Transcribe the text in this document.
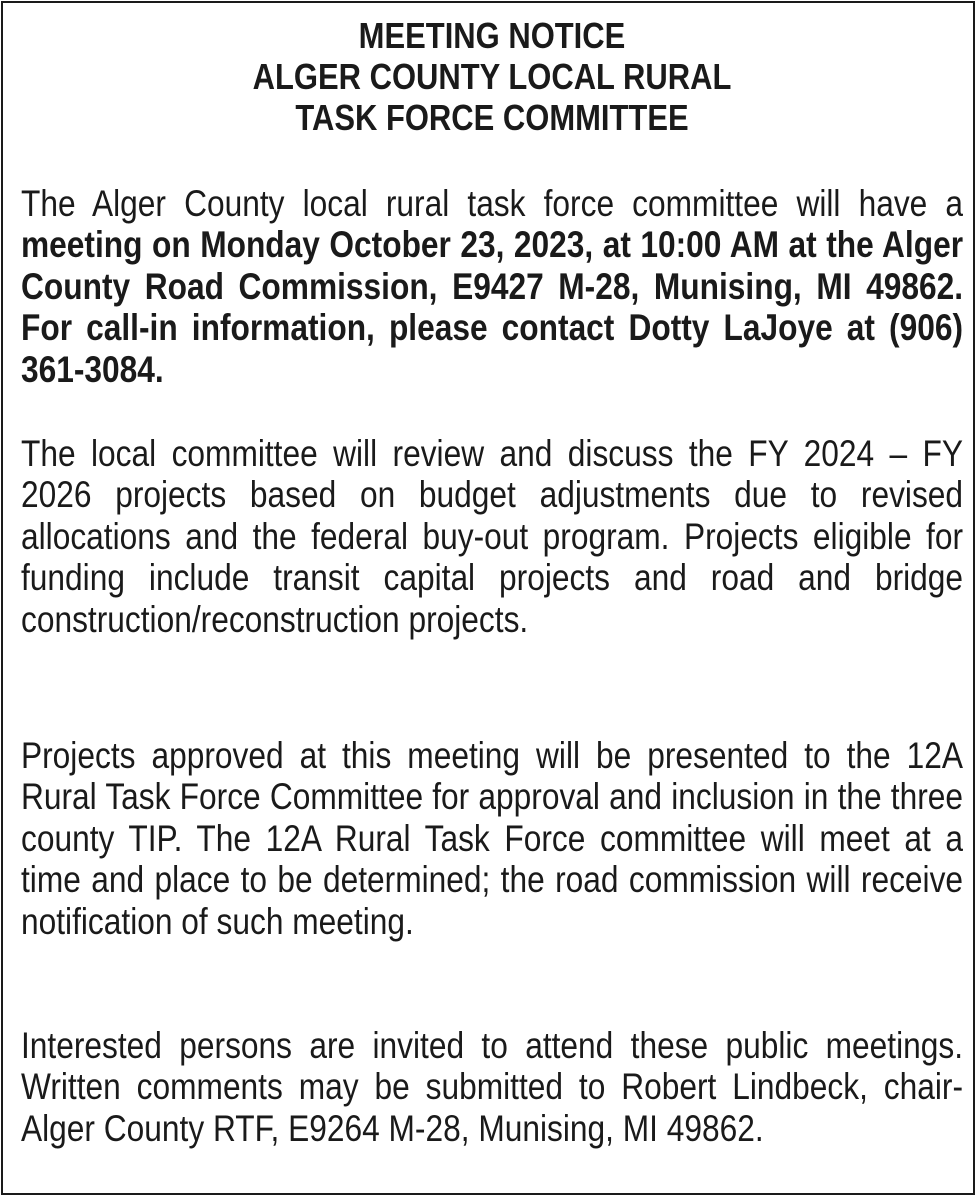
MEETING NOTICE
ALGER COUNTY LOCAL RURAL
TASK FORCE COMMITTEE

The Alger County local rural task force committee will have a meeting on Monday October 23, 2023, at 10:00 AM at the Alger County Road Commission, E9427 M-28, Munising, MI 49862. For call-in information, please contact Dotty LaJoye at (906) 361-3084.

The local committee will review and discuss the FY 2024 – FY 2026 projects based on budget adjustments due to revised allocations and the federal buy-out program. Projects eligible for funding include transit capital projects and road and bridge construction/reconstruction projects.

Projects approved at this meeting will be presented to the 12A Rural Task Force Committee for approval and inclusion in the three county TIP. The 12A Rural Task Force committee will meet at a time and place to be determined; the road commission will receive notification of such meeting.

Interested persons are invited to attend these public meetings. Written comments may be submitted to Robert Lindbeck, chair-Alger County RTF, E9264 M-28, Munising, MI 49862.
